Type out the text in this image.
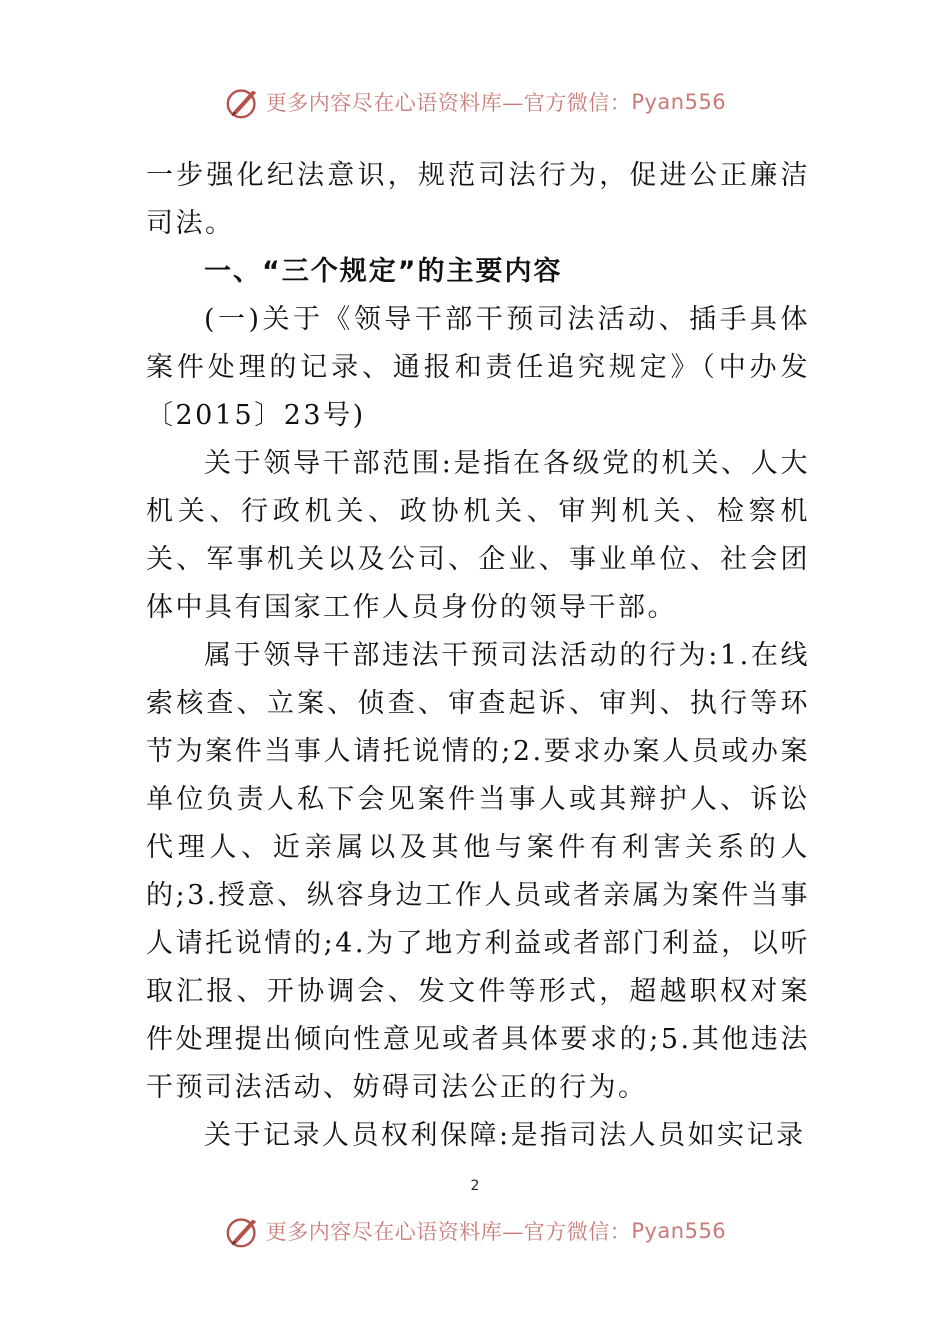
更多内容尽在心语资料库—官方微信： Pyan556

一步强化纪法意识，规范司法行为，促进公正廉洁司法。

一、“三个规定”的主要内容

(一)关于《领导干部干预司法活动、插手具体案件处理的记录、通报和责任追究规定》（中办发〔2015〕23号)

关于领导干部范围:是指在各级党的机关、人大机关、行政机关、政协机关、审判机关、检察机关、军事机关以及公司、企业、事业单位、社会团体中具有国家工作人员身份的领导干部。

属于领导干部违法干预司法活动的行为:1.在线索核查、立案、侦查、审查起诉、审判、执行等环节为案件当事人请托说情的;2.要求办案人员或办案单位负责人私下会见案件当事人或其辩护人、诉讼代理人、近亲属以及其他与案件有利害关系的人的;3.授意、纵容身边工作人员或者亲属为案件当事人请托说情的;4.为了地方利益或者部门利益，以听取汇报、开协调会、发文件等形式，超越职权对案件处理提出倾向性意见或者具体要求的;5.其他违法干预司法活动、妨碍司法公正的行为。

关于记录人员权利保障:是指司法人员如实记录

2
更多内容尽在心语资料库—官方微信： Pyan556
